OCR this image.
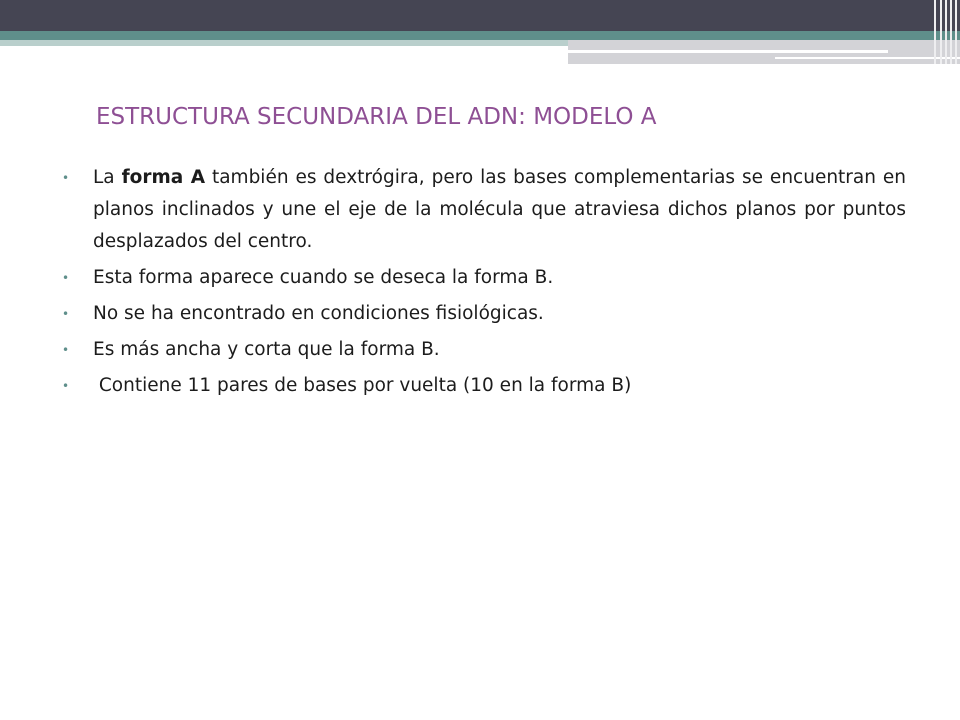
ESTRUCTURA SECUNDARIA DEL ADN: MODELO A
• La forma A también es dextrógira, pero las bases complementarias se encuentran en planos inclinados y une el eje de la molécula que atraviesa dichos planos por puntos desplazados del centro.
• Esta forma aparece cuando se deseca la forma B.
• No se ha encontrado en condiciones fisiológicas.
• Es más ancha y corta que la forma B.
• Contiene 11 pares de bases por vuelta (10 en la forma B)
